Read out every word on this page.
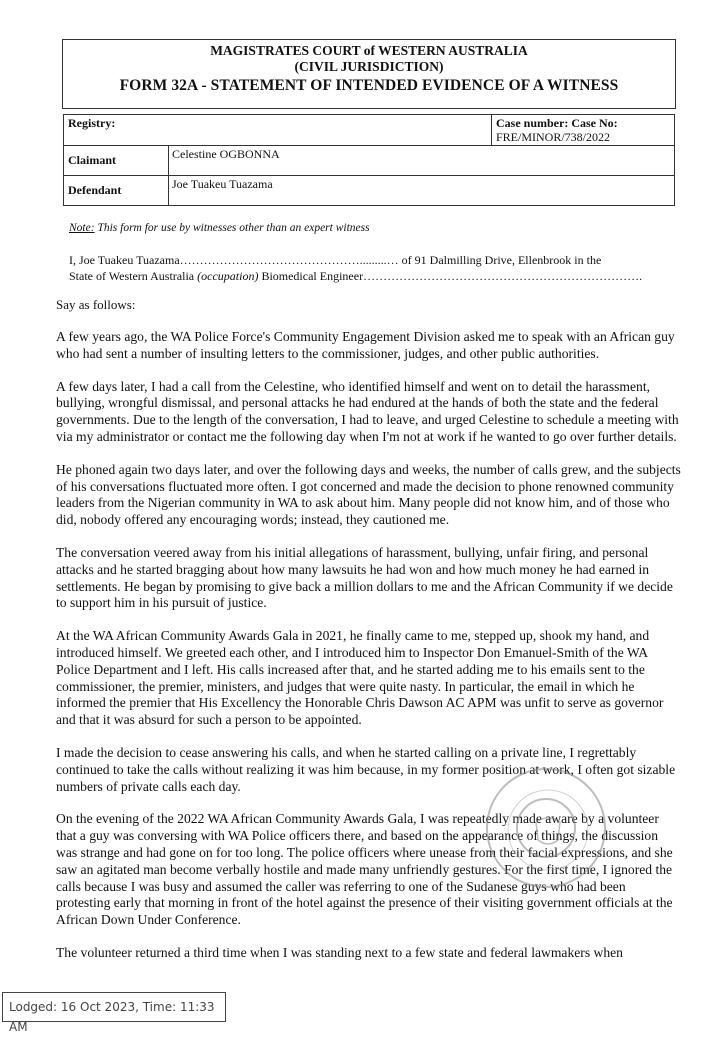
MAGISTRATES COURT of WESTERN AUSTRALIA
(CIVIL JURISDICTION)
FORM 32A - STATEMENT OF INTENDED EVIDENCE OF A WITNESS
Registry:		Case number: Case No:
FRE/MINOR/738/2022
Claimant	Celestine OGBONNA	
Defendant	Joe Tuakeu Tuazama	
Note: This form for use by witnesses other than an expert witness
I, Joe Tuakeu Tuazama……………………………………….........… of 91 Dalmilling Drive, Ellenbrook in the
State of Western Australia (occupation) Biomedical Engineer…………………………………………………………….
Say as follows:

A few years ago, the WA Police Force's Community Engagement Division asked me to speak with an African guy who had sent a number of insulting letters to the commissioner, judges, and other public authorities.

A few days later, I had a call from the Celestine, who identified himself and went on to detail the harassment, bullying, wrongful dismissal, and personal attacks he had endured at the hands of both the state and the federal governments. Due to the length of the conversation, I had to leave, and urged Celestine to schedule a meeting with via my administrator or contact me the following day when I'm not at work if he wanted to go over further details.

He phoned again two days later, and over the following days and weeks, the number of calls grew, and the subjects of his conversations fluctuated more often. I got concerned and made the decision to phone renowned community leaders from the Nigerian community in WA to ask about him. Many people did not know him, and of those who did, nobody offered any encouraging words; instead, they cautioned me.

The conversation veered away from his initial allegations of harassment, bullying, unfair firing, and personal attacks and he started bragging about how many lawsuits he had won and how much money he had earned in settlements. He began by promising to give back a million dollars to me and the African Community if we decide to support him in his pursuit of justice.

At the WA African Community Awards Gala in 2021, he finally came to me, stepped up, shook my hand, and introduced himself. We greeted each other, and I introduced him to Inspector Don Emanuel-Smith of the WA Police Department and I left. His calls increased after that, and he started adding me to his emails sent to the commissioner, the premier, ministers, and judges that were quite nasty. In particular, the email in which he informed the premier that His Excellency the Honorable Chris Dawson AC APM was unfit to serve as governor and that it was absurd for such a person to be appointed.

I made the decision to cease answering his calls, and when he started calling on a private line, I regrettably continued to take the calls without realizing it was him because, in my former position at work, I often got sizable numbers of private calls each day.

On the evening of the 2022 WA African Community Awards Gala, I was repeatedly made aware by a volunteer that a guy was conversing with WA Police officers there, and based on the appearance of things, the discussion was strange and had gone on for too long. The police officers where unease from their facial expressions, and she saw an agitated man become verbally hostile and made many unfriendly gestures. For the first time, I ignored the calls because I was busy and assumed the caller was referring to one of the Sudanese guys who had been protesting early that morning in front of the hotel against the presence of their visiting government officials at the African Down Under Conference.

The volunteer returned a third time when I was standing next to a few state and federal lawmakers when

Lodged: 16 Oct 2023, Time: 11:33 AM
